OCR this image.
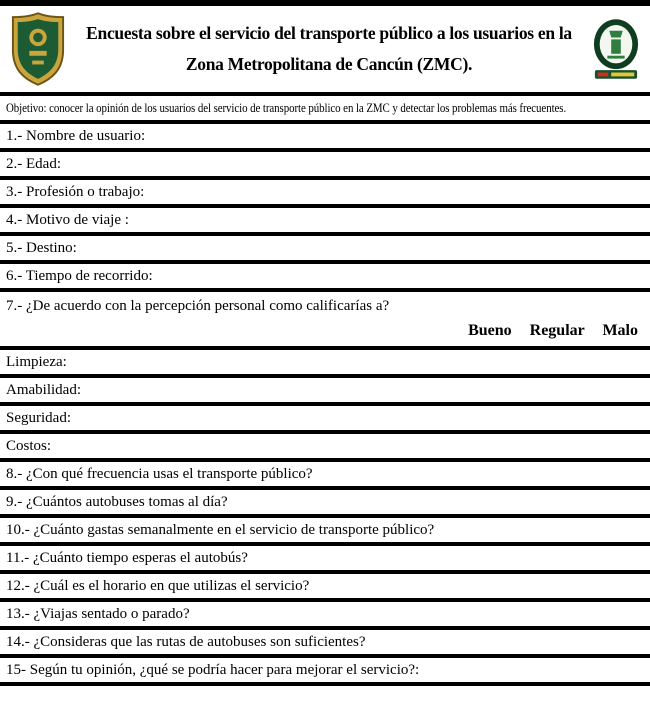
Encuesta sobre el servicio del transporte público a los usuarios en la
Zona Metropolitana de Cancún (ZMC).
Objetivo: conocer la opinión de los usuarios del servicio de transporte público en la ZMC y detectar los problemas más frecuentes.
1.- Nombre de usuario:
2.- Edad:
3.- Profesión o trabajo:
4.- Motivo de viaje :
5.- Destino:
6.- Tiempo de recorrido:
7.- ¿De acuerdo con la percepción personal como calificarías a?
Bueno Regular Malo
Limpieza:
Amabilidad:
Seguridad:
Costos:
8.- ¿Con qué frecuencia usas el transporte público?
9.- ¿Cuántos autobuses tomas al día?
10.- ¿Cuánto gastas semanalmente en el servicio de transporte público?
11.- ¿Cuánto tiempo esperas el autobús?
12.- ¿Cuál es el horario en que utilizas el servicio?
13.- ¿Viajas sentado o parado?
14.- ¿Consideras que las rutas de autobuses son suficientes?
15- Según tu opinión, ¿qué se podría hacer para mejorar el servicio?:
